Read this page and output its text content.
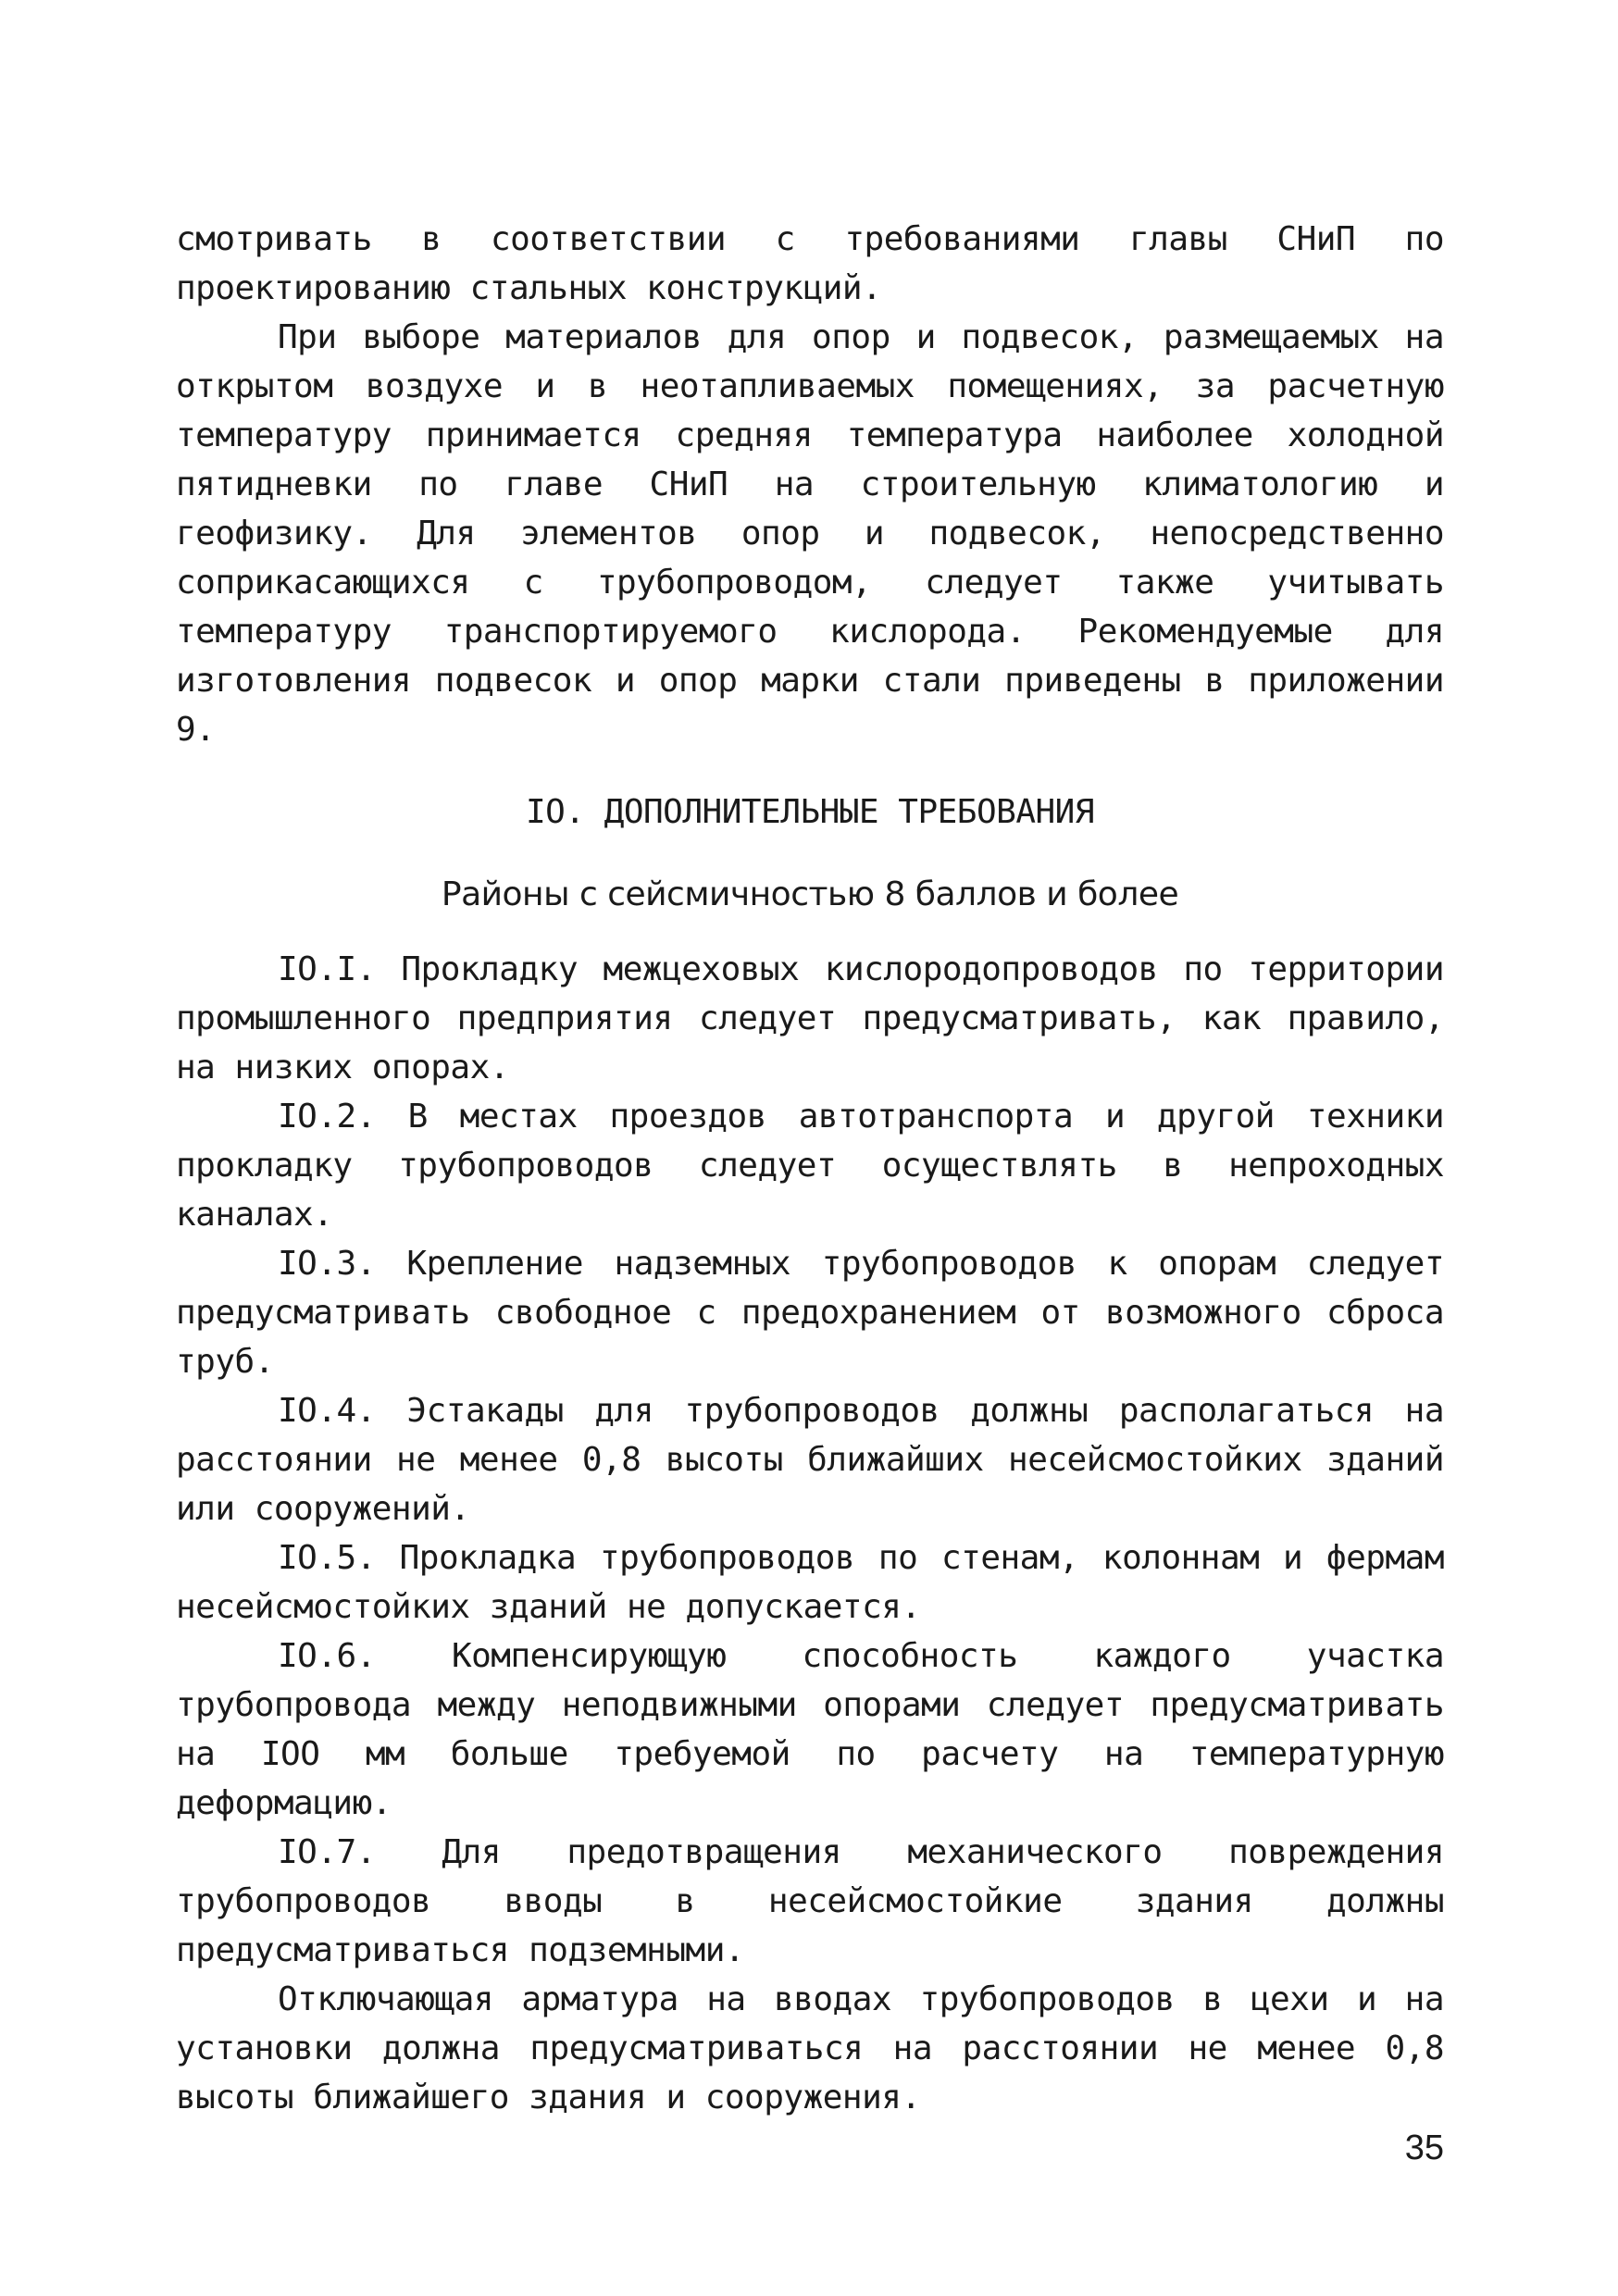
смотривать в соответствии с требованиями главы СНиП по проектированию стальных конструкций.

При выборе материалов для опор и подвесок, размещаемых на открытом воздухе и в неотапливаемых помещениях, за расчетную температуру принимается средняя температура наиболее холодной пятидневки по главе СНиП на строительную климатологию и геофизику. Для элементов опор и подвесок, непосредственно соприкасающихся с трубопроводом, следует также учитывать температуру транспортируемого кислорода. Рекомендуемые для изготовления подвесок и опор марки стали приведены в приложении 9.

IO. ДОПОЛНИТЕЛЬНЫЕ ТРЕБОВАНИЯ
Районы с сейсмичностью 8 баллов и более

IO.I. Прокладку межцеховых кислородопроводов по территории промышленного предприятия следует предусматривать, как правило, на низких опорах.

IO.2. В местах проездов автотранспорта и другой техники прокладку трубопроводов следует осуществлять в непроходных каналах.

IO.3. Крепление надземных трубопроводов к опорам следует предусматривать свободное с предохранением от возможного сброса труб.

IO.4. Эстакады для трубопроводов должны располагаться на расстоянии не менее 0,8 высоты ближайших несейсмостойких зданий или сооружений.

IO.5. Прокладка трубопроводов по стенам, колоннам и фермам несейсмостойких зданий не допускается.

IO.6. Компенсирующую способность каждого участка трубопровода между неподвижными опорами следует предусматривать на IOO мм больше требуемой по расчету на температурную деформацию.

IO.7. Для предотвращения механического повреждения трубопроводов вводы в несейсмостойкие здания должны предусматриваться подземными.

Отключающая арматура на вводах трубопроводов в цехи и на установки должна предусматриваться на расстоянии не менее 0,8 высоты ближайшего здания и сооружения.

35
